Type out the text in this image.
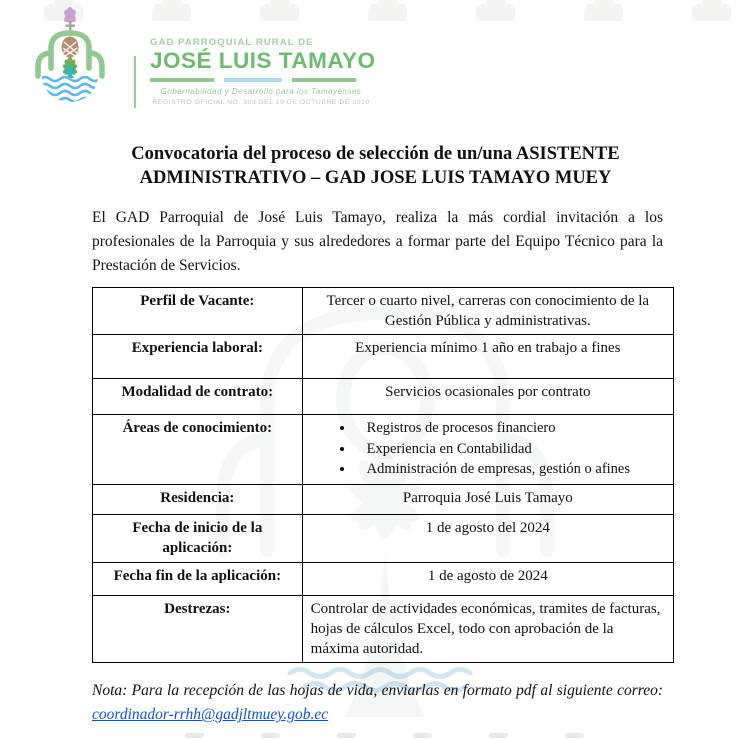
GAD PARROQUIAL RURAL DE
JOSÉ LUIS TAMAYO
Gobernabilidad y Desarrollo para los Tamayenses
REGISTRO OFICIAL NO. 303 DEL 19 DE OCTUBRE DE 2010
Convocatoria del proceso de selección de un/una ASISTENTE ADMINISTRATIVO – GAD JOSE LUIS TAMAYO MUEY

El GAD Parroquial de José Luis Tamayo, realiza la más cordial invitación a los profesionales de la Parroquia y sus alrededores a formar parte del Equipo Técnico para la Prestación de Servicios.

Perfil de Vacante:	Tercer o cuarto nivel, carreras con conocimiento de la Gestión Pública y administrativas.
Experiencia laboral:	Experiencia mínimo 1 año en trabajo a fines
Modalidad de contrato:	Servicios ocasionales por contrato
Áreas de conocimiento:	
•Registros de procesos financiero
• Experiencia en Contabilidad
• Administración de empresas, gestión o afines

Residencia:	Parroquia José Luis Tamayo
Fecha de inicio de la aplicación:	1 de agosto del 2024
Fecha fin de la aplicación:	1 de agosto de 2024
Destrezas:	Controlar de actividades económicas, tramites de facturas, hojas de cálculos Excel, todo con aprobación de la máxima autoridad.

Nota: Para la recepción de las hojas de vida, enviarlas en formato pdf al siguiente correo: coordinador-rrhh@gadjltmuey.gob.ec
